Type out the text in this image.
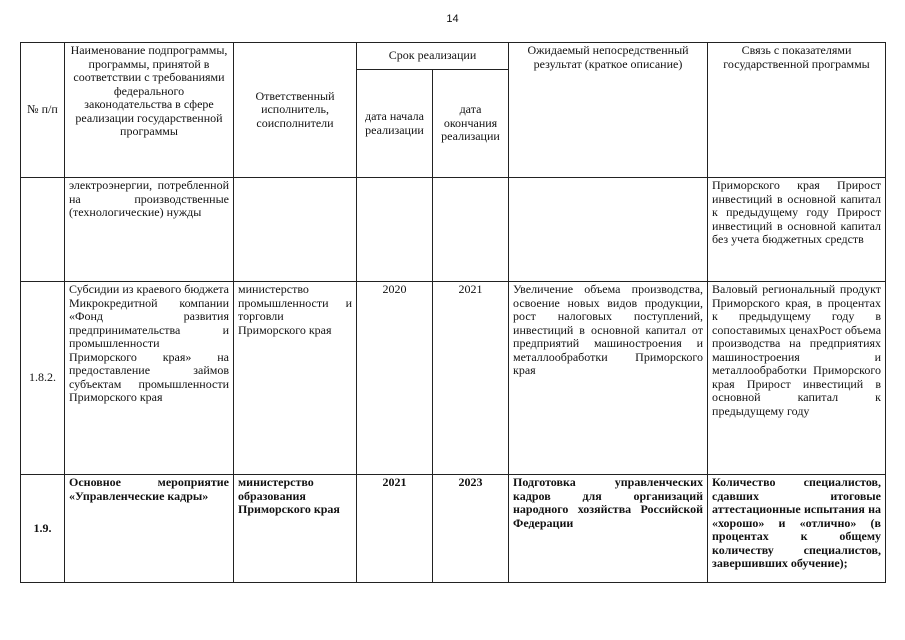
14
№ п/п	Наименование подпрограммы, программы, принятой в соответствии с требованиями федерального законодательства в сфере реализации государственной программы	Ответственный исполнитель, соисполнители	Срок реализации		Ожидаемый непосредственный результат (краткое описание)	Связь с показателями государственной программы
			дата начала реализации	дата окончания реализации		
	электроэнергии, потребленной на производственные (технологические) нужды					Приморского края Прирост инвестиций в основной капитал к предыдущему году Прирост инвестиций в основной капитал без учета бюджетных средств
1.8.2.	Субсидии из краевого бюджета Микрокредитной компании «Фонд развития предпринимательства и промышленности Приморского края» на предоставление займов субъектам промышленности Приморского края	министерство промышленности и торговли Приморского края	2020	2021	Увеличение объема производства, освоение новых видов продукции, рост налоговых поступлений, инвестиций в основной капитал от предприятий машиностроения и металлообработки Приморского края	Валовый региональный продукт Приморского края, в процентах к предыдущему году в сопоставимых ценахРост объема производства на предприятиях машиностроения и металлообработки Приморского края Прирост инвестиций в основной капитал к предыдущему году
1.9.	Основное мероприятие «Управленческие кадры»	министерство образования Приморского края	2021	2023	Подготовка управленческих кадров для организаций народного хозяйства Российской Федерации	Количество специалистов, сдавших итоговые аттестационные испытания на «хорошо» и «отлично» (в процентах к общему количеству специалистов, завершивших обучение);
